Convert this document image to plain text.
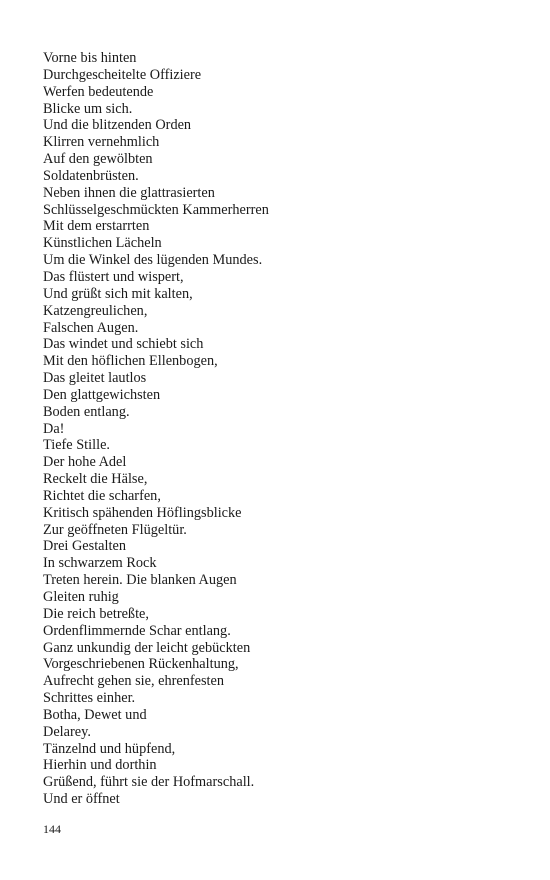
Vorne bis hinten
Durchgescheitelte Offiziere
Werfen bedeutende
Blicke um sich.
Und die blitzenden Orden
Klirren vernehmlich
Auf den gewölbten
Soldatenbrüsten.
Neben ihnen die glattrasierten
Schlüsselgeschmückten Kammerherren
Mit dem erstarrten
Künstlichen Lächeln
Um die Winkel des lügenden Mundes.
Das flüstert und wispert,
Und grüßt sich mit kalten,
Katzengreulichen,
Falschen Augen.
Das windet und schiebt sich
Mit den höflichen Ellenbogen,
Das gleitet lautlos
Den glattgewichsten
Boden entlang.
Da!
Tiefe Stille.
Der hohe Adel
Reckelt die Hälse,
Richtet die scharfen,
Kritisch spähenden Höflingsblicke
Zur geöffneten Flügeltür.
Drei Gestalten
In schwarzem Rock
Treten herein. Die blanken Augen
Gleiten ruhig
Die reich betreßte,
Ordenflimmernde Schar entlang.
Ganz unkundig der leicht gebückten
Vorgeschriebenen Rückenhaltung,
Aufrecht gehen sie, ehrenfesten
Schrittes einher.
Botha, Dewet und
Delarey.
Tänzelnd und hüpfend,
Hierhin und dorthin
Grüßend, führt sie der Hofmarschall.
Und er öffnet
144
